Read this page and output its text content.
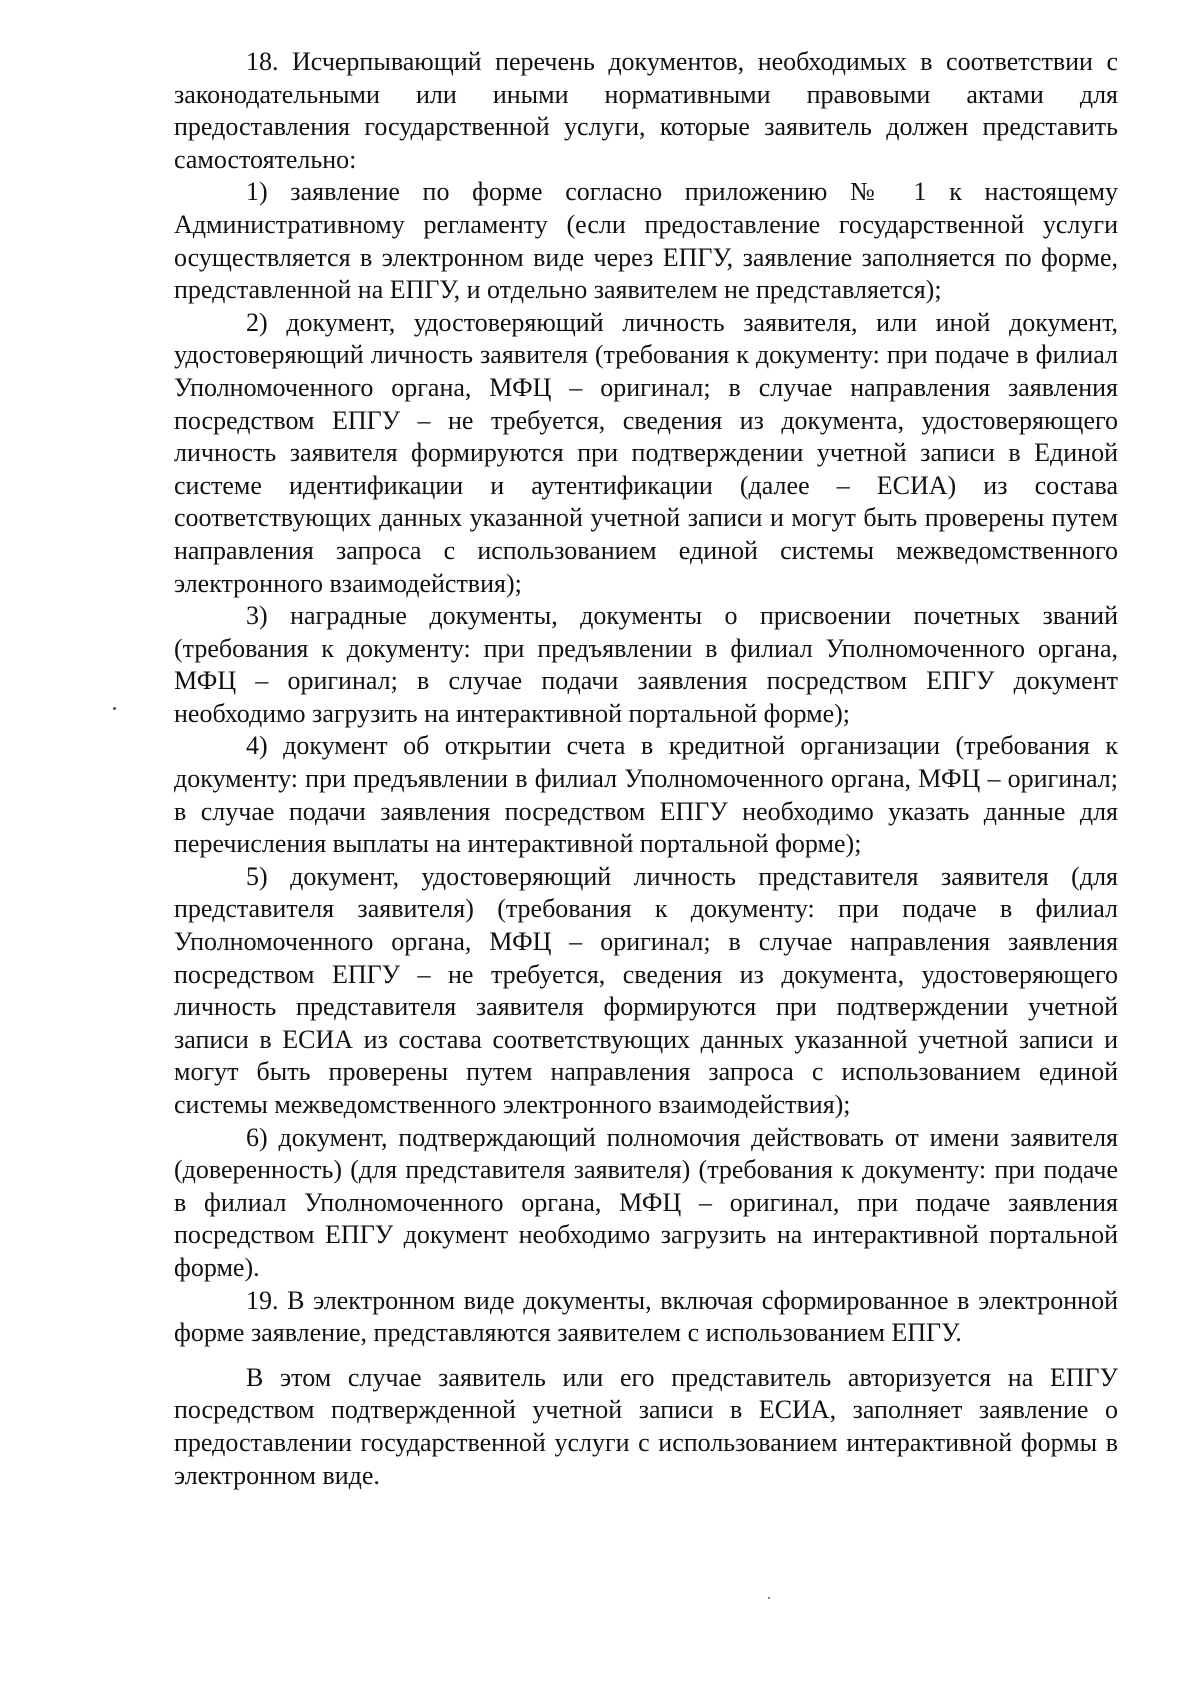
18. Исчерпывающий перечень документов, необходимых в соответствии с законодательными или иными нормативными правовыми актами для предоставления государственной услуги, которые заявитель должен представить самостоятельно:

1) заявление по форме согласно приложению № 1 к настоящему Административному регламенту (если предоставление государственной услуги осуществляется в электронном виде через ЕПГУ, заявление заполняется по форме, представленной на ЕПГУ, и отдельно заявителем не представляется);

2) документ, удостоверяющий личность заявителя, или иной документ, удостоверяющий личность заявителя (требования к документу: при подаче в филиал Уполномоченного органа, МФЦ – оригинал; в случае направления заявления посредством ЕПГУ – не требуется, сведения из документа, удостоверяющего личность заявителя формируются при подтверждении учетной записи в Единой системе идентификации и аутентификации (далее – ЕСИА) из состава соответствующих данных указанной учетной записи и могут быть проверены путем направления запроса с использованием единой системы межведомственного электронного взаимодействия);

3) наградные документы, документы о присвоении почетных званий (требования к документу: при предъявлении в филиал Уполномоченного органа, МФЦ – оригинал; в случае подачи заявления посредством ЕПГУ документ необходимо загрузить на интерактивной портальной форме);

4) документ об открытии счета в кредитной организации (требования к документу: при предъявлении в филиал Уполномоченного органа, МФЦ – оригинал; в случае подачи заявления посредством ЕПГУ необходимо указать данные для перечисления выплаты на интерактивной портальной форме);

5) документ, удостоверяющий личность представителя заявителя (для представителя заявителя) (требования к документу: при подаче в филиал Уполномоченного органа, МФЦ – оригинал; в случае направления заявления посредством ЕПГУ – не требуется, сведения из документа, удостоверяющего личность представителя заявителя формируются при подтверждении учетной записи в ЕСИА из состава соответствующих данных указанной учетной записи и могут быть проверены путем направления запроса с использованием единой системы межведомственного электронного взаимодействия);

6) документ, подтверждающий полномочия действовать от имени заявителя (доверенность) (для представителя заявителя) (требования к документу: при подаче в филиал Уполномоченного органа, МФЦ – оригинал, при подаче заявления посредством ЕПГУ документ необходимо загрузить на интерактивной портальной форме).

19. В электронном виде документы, включая сформированное в электронной форме заявление, представляются заявителем с использованием ЕПГУ.

В этом случае заявитель или его представитель авторизуется на ЕПГУ посредством подтвержденной учетной записи в ЕСИА, заполняет заявление о предоставлении государственной услуги с использованием интерактивной формы в электронном виде.
